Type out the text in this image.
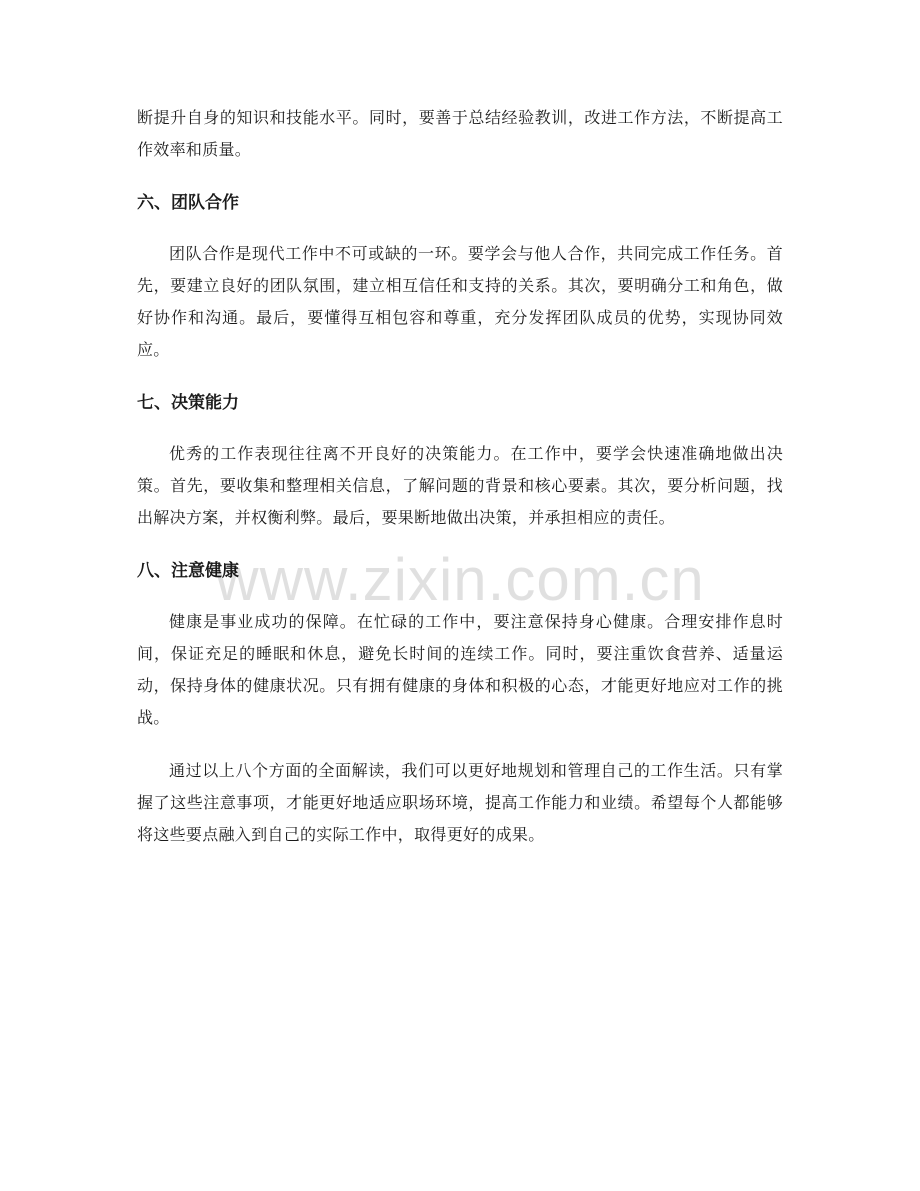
断提升自身的知识和技能水平。同时，要善于总结经验教训，改进工作方法，不断提高工作效率和质量。

六、团队合作

团队合作是现代工作中不可或缺的一环。要学会与他人合作，共同完成工作任务。首先，要建立良好的团队氛围，建立相互信任和支持的关系。其次，要明确分工和角色，做好协作和沟通。最后，要懂得互相包容和尊重，充分发挥团队成员的优势，实现协同效应。

七、决策能力

优秀的工作表现往往离不开良好的决策能力。在工作中，要学会快速准确地做出决策。首先，要收集和整理相关信息，了解问题的背景和核心要素。其次，要分析问题，找出解决方案，并权衡利弊。最后，要果断地做出决策，并承担相应的责任。

八、注意健康

健康是事业成功的保障。在忙碌的工作中，要注意保持身心健康。合理安排作息时间，保证充足的睡眠和休息，避免长时间的连续工作。同时，要注重饮食营养、适量运动，保持身体的健康状况。只有拥有健康的身体和积极的心态，才能更好地应对工作的挑战。

通过以上八个方面的全面解读，我们可以更好地规划和管理自己的工作生活。只有掌握了这些注意事项，才能更好地适应职场环境，提高工作能力和业绩。希望每个人都能够将这些要点融入到自己的实际工作中，取得更好的成果。

www.zixin.com.cn
